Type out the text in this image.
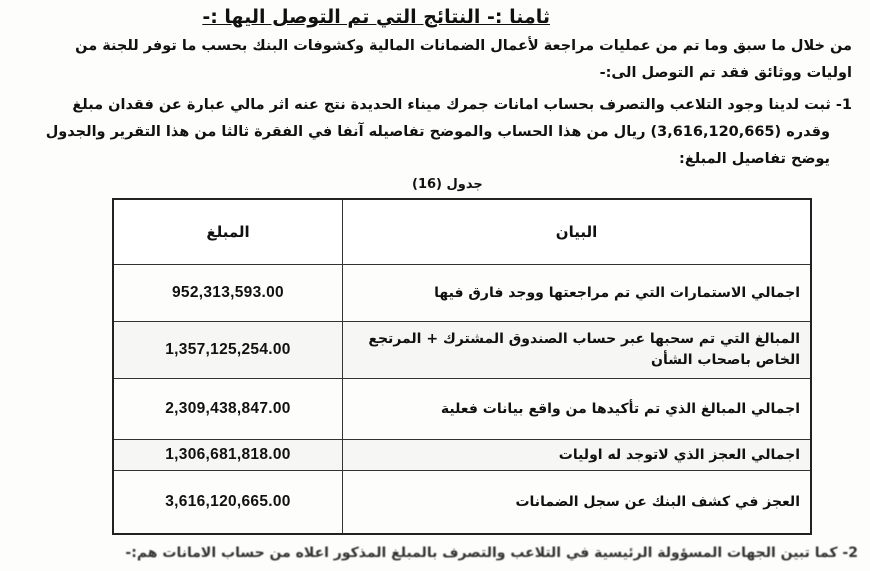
ثامنا :- النتائج التي تم التوصل اليها :-
من خلال ما سبق وما تم من عمليات مراجعة لأعمال الضمانات المالية وكشوفات البنك بحسب ما توفر للجنة من
اوليات ووثائق فقد تم التوصل الى:-
1- ثبت لدينا وجود التلاعب والتصرف بحساب امانات جمرك ميناء الحديدة نتج عنه اثر مالي عبارة عن فقدان مبلغ
وقدره (3,616,120,665) ريال من هذا الحساب والموضح تفاصيله آنفا في الفقرة ثالثا من هذا التقرير والجدول
يوضح تفاصيل المبلغ:
جدول (16)
المبلغ	البيان
952,313,593.00	اجمالي الاستمارات التي تم مراجعتها ووجد فارق فيها
1,357,125,254.00	المبالغ التي تم سحبها عبر حساب الصندوق المشترك + المرتجع الخاص باصحاب الشأن
2,309,438,847.00	اجمالي المبالغ الذي تم تأكيدها من واقع بيانات فعلية
1,306,681,818.00	اجمالي العجز الذي لاتوجد له اوليات
3,616,120,665.00	العجز في كشف البنك عن سجل الضمانات
2- كما تبين الجهات المسؤولة الرئيسية في التلاعب والتصرف بالمبلغ المذكور اعلاه من حساب الامانات هم:-
